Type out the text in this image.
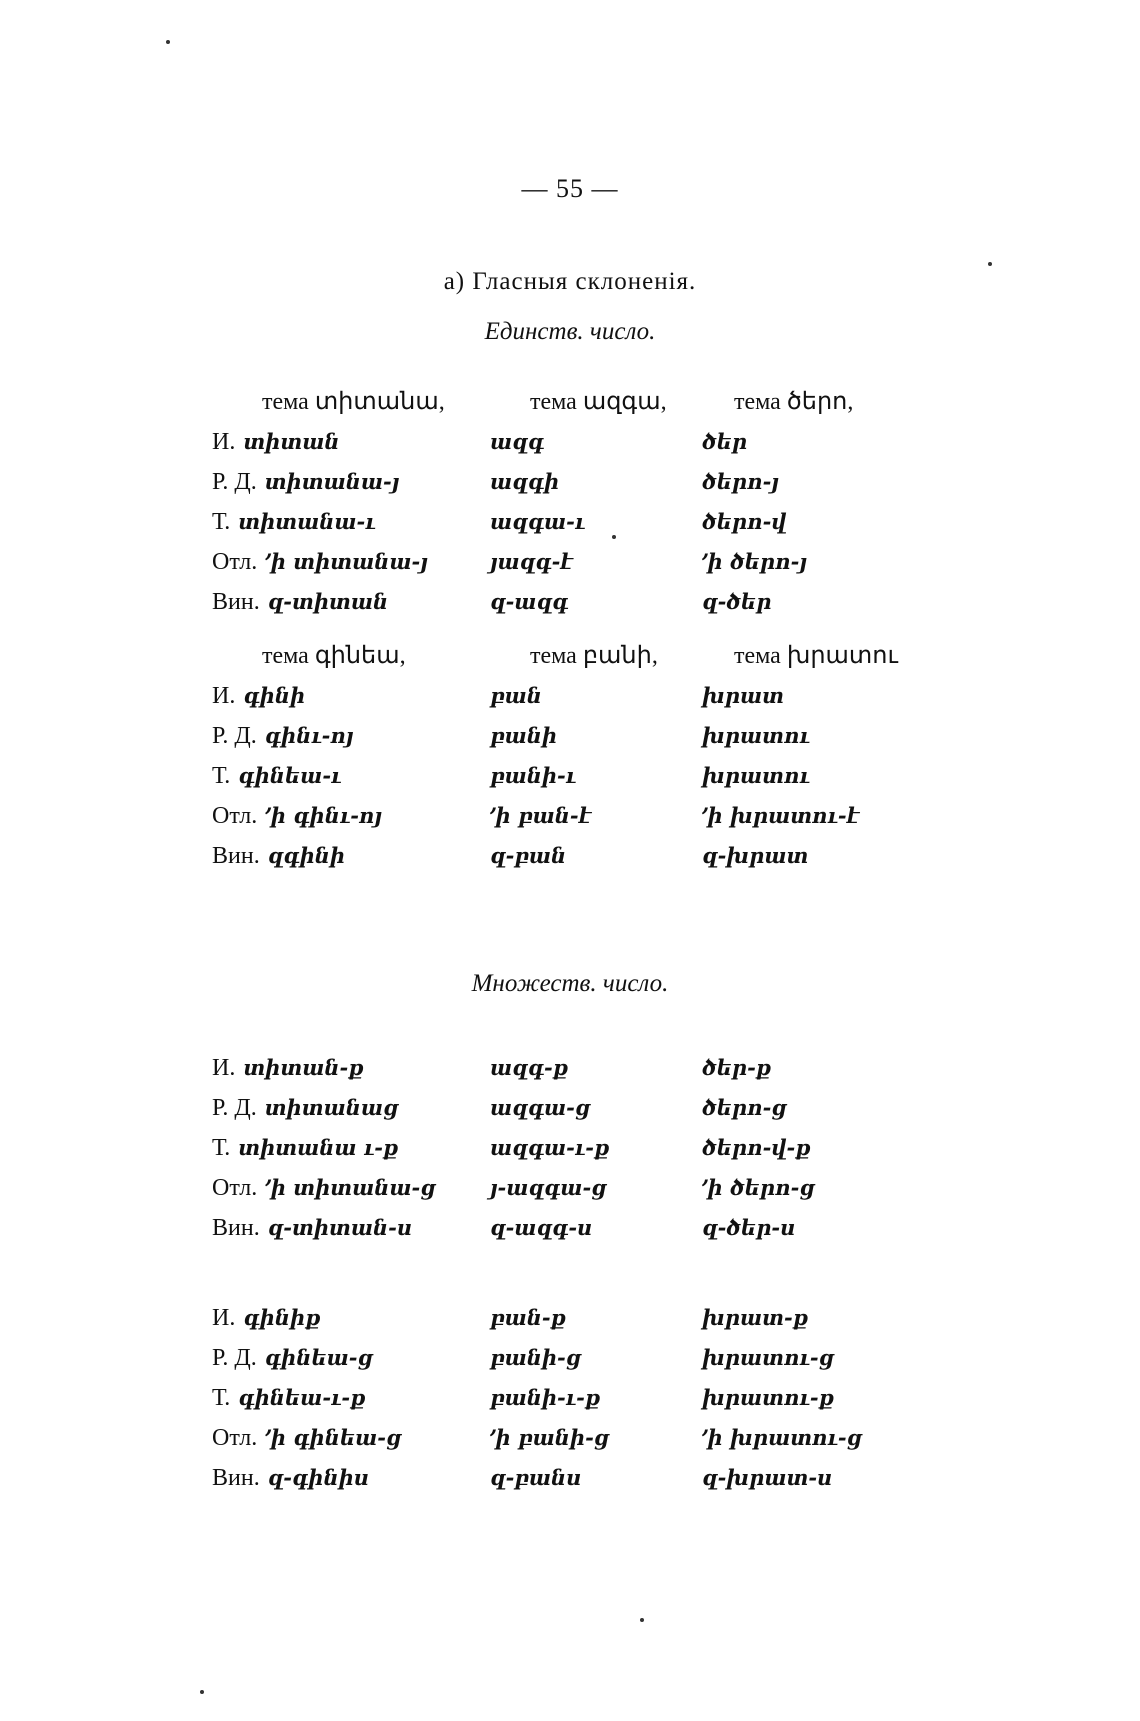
— 55 —
а) Гласныя склоненія.
Единств. число.
тема տիտանա,	тема ազգա,	тема ծերո,
И. տիտան	ազգ	ծեր
Р. Д. տիտանա-յ	ազգի	ծերո-յ
Т. տիտանա-ւ	ազգա-ւ	ծերո-վ
Отл. ՚ի տիտանա-յ	յազգ-է	՚ի ծերո-յ
Вин. զ-տիտան	զ-ազգ	զ-ծեր
тема գինեա,	тема բանի,	тема խրատու
И. գինի	բան	խրատ
Р. Д. գինւ-ոյ	բանի	խրատու
Т. գինեա-ւ	բանի-ւ	խրատու
Отл. ՚ի գինւ-ոյ	՚ի բան-է	՚ի խրատու-է
Вин. զգինի	զ-բան	զ-խրատ
Множеств. число.
И. տիտան-ք	ազգ-ք	ծեր-ք
Р. Д. տիտանաց	ազգա-ց	ծերո-ց
Т. տիտանա ւ-ք	ազգա-ւ-ք	ծերո-վ-ք
Отл. ՚ի տիտանա-ց	յ-ազգա-ց	՚ի ծերո-ց
Вин. զ-տիտան-ս	զ-ազգ-ս	զ-ծեր-ս
И. գինիք	բան-ք	խրատ-ք
Р. Д. գինեա-ց	բանի-ց	խրատու-ց
Т. գինեա-ւ-ք	բանի-ւ-ք	խրատու-ք
Отл. ՚ի գինեա-ց	՚ի բանի-ց	՚ի խրատու-ց
Вин. զ-գինիս	զ-բանս	զ-խրատ-ս
